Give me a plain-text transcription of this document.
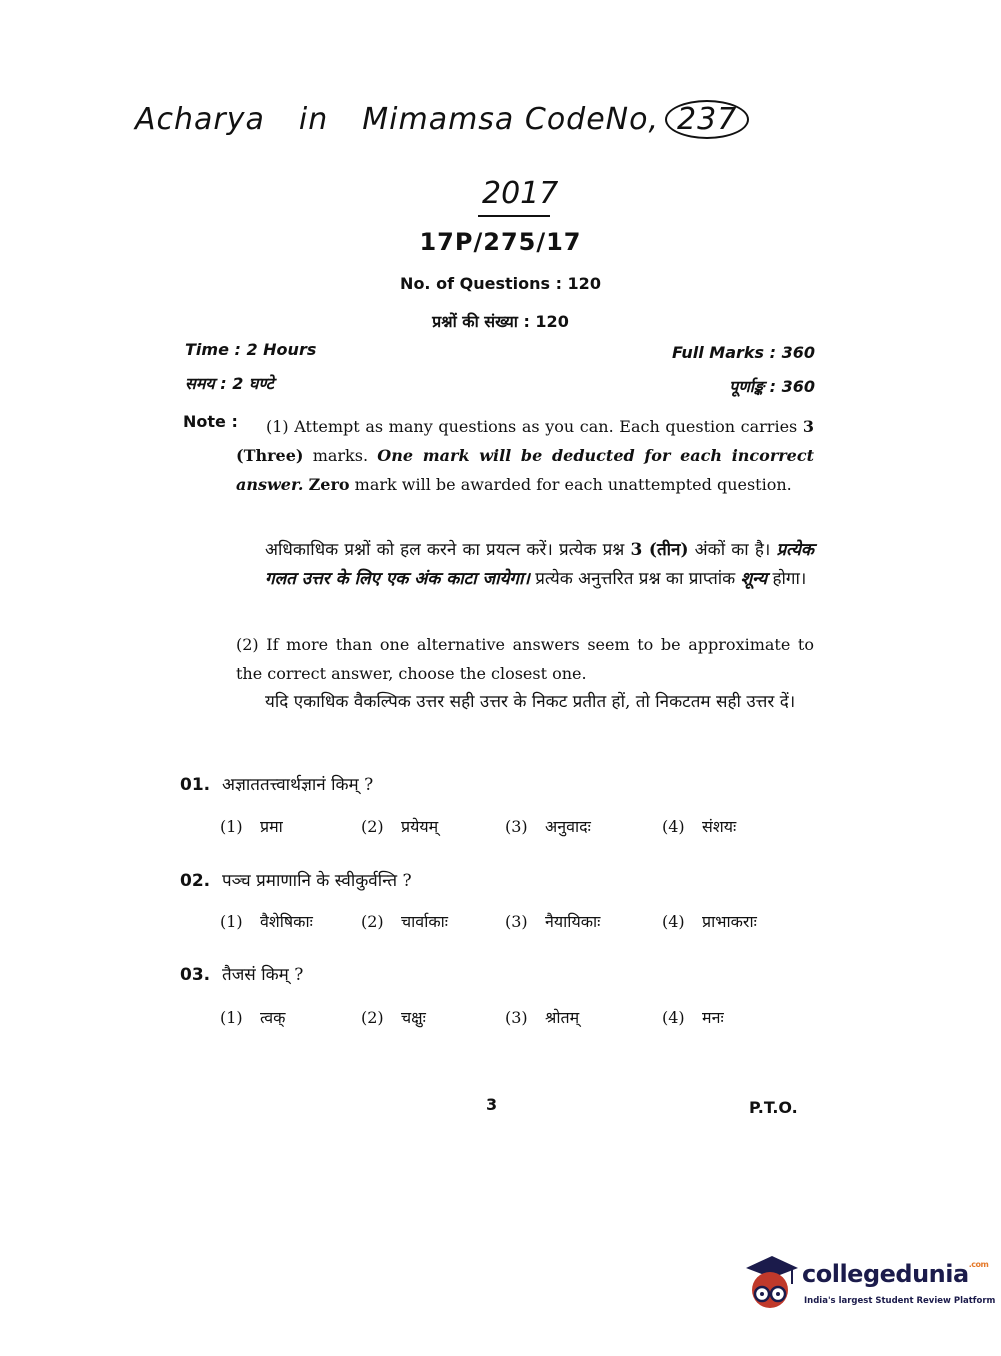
Acharya in Mimamsa CodeNo, 237
2017
17P/275/17
No. of Questions : 120
प्रश्नों की संख्या : 120
Time : 2 Hours
समय : 2 घण्टे
Full Marks : 360
पूर्णाङ्क : 360
Note :	(1) Attempt as many questions as you can. Each question carries 3 (Three) marks. One mark will be deducted for each incorrect answer. Zero mark will be awarded for each unattempted question.
अधिकाधिक प्रश्नों को हल करने का प्रयत्न करें। प्रत्येक प्रश्न 3 (तीन) अंकों का है। प्रत्येक गलत उत्तर के लिए एक अंक काटा जायेगा। प्रत्येक अनुत्तरित प्रश्न का प्राप्तांक शून्य होगा।
(2) If more than one alternative answers seem to be approximate to the correct answer, choose the closest one.
यदि एकाधिक वैकल्पिक उत्तर सही उत्तर के निकट प्रतीत हों, तो निकटतम सही उत्तर दें।
01. अज्ञाततत्त्वार्थज्ञानं किम् ?
(1) प्रमा	(2) प्रयेयम्	(3) अनुवादः	(4) संशयः
02. पञ्च प्रमाणानि के स्वीकुर्वन्ति ?
(1) वैशेषिकाः	(2) चार्वाकाः	(3) नैयायिकाः	(4) प्राभाकराः
03. तैजसं किम् ?
(1) त्वक्	(2) चक्षुः	(3) श्रोतम्	(4) मनः
3	P.T.O.
collegedunia$^{.com}$
India's largest Student Review Platform
